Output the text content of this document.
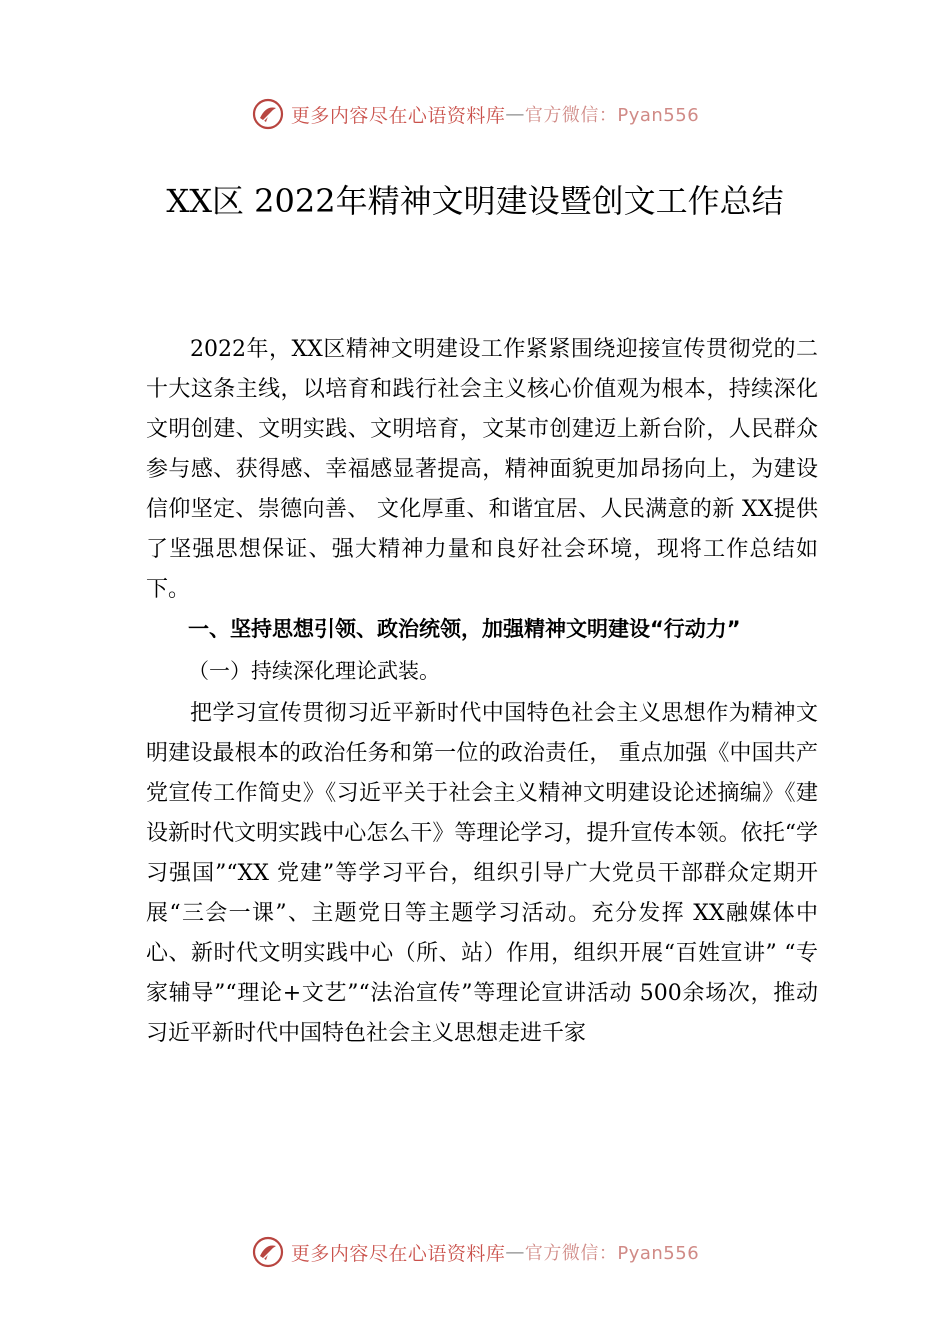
更多内容尽在心语资料库 — 官方微信：Pyan556
XX区 2022年精神文明建设暨创文工作总结

2022年，XX区精神文明建设工作紧紧围绕迎接宣传贯彻党的二十大这条主线，以培育和践行社会主义核心价值观为根本，持续深化文明创建、文明实践、文明培育，文某市创建迈上新台阶，人民群众参与感、获得感、幸福感显著提高，精神面貌更加昂扬向上，为建设信仰坚定、崇德向善、 文化厚重、和谐宜居、人民满意的新 XX提供了坚强思想保证、强大精神力量和良好社会环境，现将工作总结如下。

一、坚持思想引领、政治统领，加强精神文明建设“行动力”

（一）持续深化理论武装。

把学习宣传贯彻习近平新时代中国特色社会主义思想作为精神文明建设最根本的政治任务和第一位的政治责任， 重点加强《中国共产党宣传工作简史》《习近平关于社会主义精神文明建设论述摘编》《建设新时代文明实践中心怎么干》等理论学习，提升宣传本领。依托“学习强国”“XX 党建”等学习平台，组织引导广大党员干部群众定期开展“三会一课”、主题党日等主题学习活动。充分发挥 XX融媒体中心、新时代文明实践中心（所、站）作用，组织开展“百姓宣讲” “专家辅导”“理论+文艺”“法治宣传”等理论宣讲活动 500余场次，推动习近平新时代中国特色社会主义思想走进千家

更多内容尽在心语资料库 — 官方微信：Pyan556
